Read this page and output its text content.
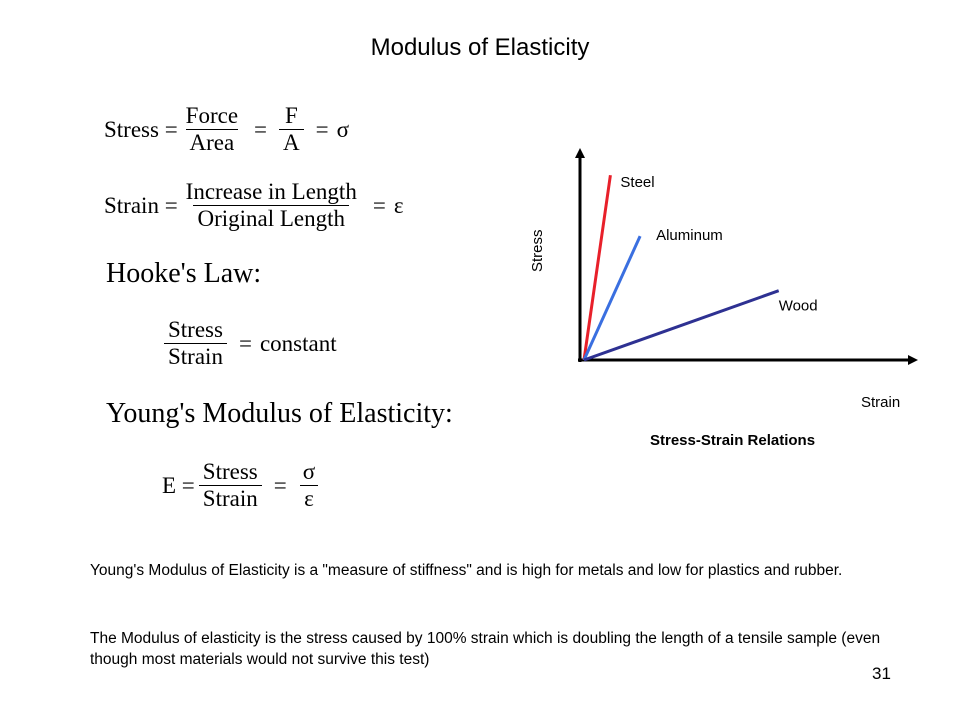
Modulus of Elasticity
Stress = $\frac{\text{Force}}{\text{Area}} = \frac{F}{A} = \sigma$
Strain = $\frac{\text{Increase in Length}}{\text{Original Length}} = \varepsilon$
Hooke's Law:
$\frac{\text{Stress}}{\text{Strain}}$ = constant
Young's Modulus of Elasticity:
$E = \frac{\text{Stress}}{\text{Strain}} = \frac{\sigma}{\varepsilon}$
Steel
Aluminum
Wood
Stress
Strain
Stress-Strain Relations
Young's Modulus of Elasticity is a "measure of stiffness" and is high for metals and low for plastics and rubber.
The Modulus of elasticity is the stress caused by 100% strain which is doubling the length of a tensile sample (even though most materials would not survive this test)
31
